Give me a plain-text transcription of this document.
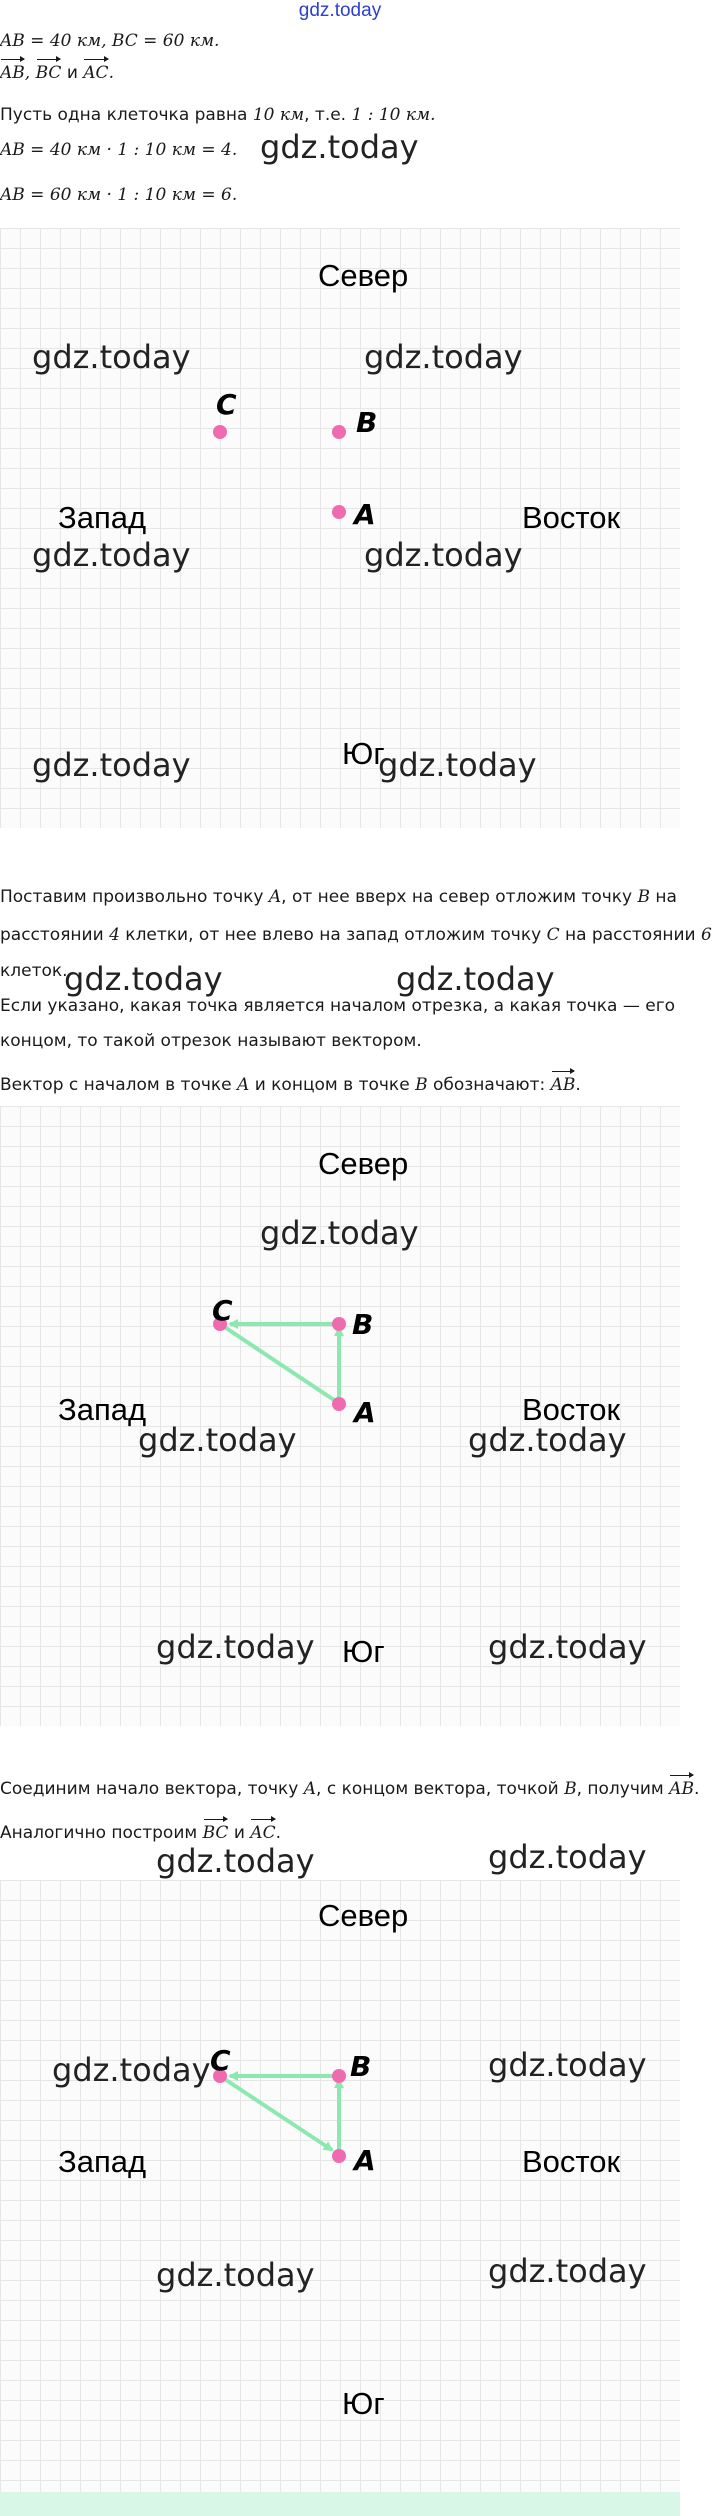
gdz.today
AB = 40 км, BC = 60 км.
AB, BC и AC.
Пусть одна клеточка равна 10 км, т.е. 1 : 10 км.
AB = 40 км · 1 : 10 км = 4. gdz.today
AB = 60 км · 1 : 10 км = 6.
Север
Запад	Восток
Юг
C
B
A
gdz.today	gdz.today
gdz.today	gdz.today
gdz.today	gdz.today
Поставим произвольно точку A, от нее вверх на север отложим точку B на
расстоянии 4 клетки, от нее влево на запад отложим точку C на расстоянии 6
клеток.
gdz.today	gdz.today
Если указано, какая точка является началом отрезка, а какая точка — его
концом, то такой отрезок называют вектором.
Вектор с началом в точке A и концом в точке B обозначают: AB.
Север
Запад	Восток
Юг
C	B
A
gdz.today
gdz.today	gdz.today
gdz.today	gdz.today
Соединим начало вектора, точку A, с концом вектора, точкой B, получим AB.
Аналогично построим BC и AC.
gdz.today	gdz.today
Север
Запад	Восток
Юг
C	B
A
gdz.today	gdz.today
gdz.today	gdz.today
